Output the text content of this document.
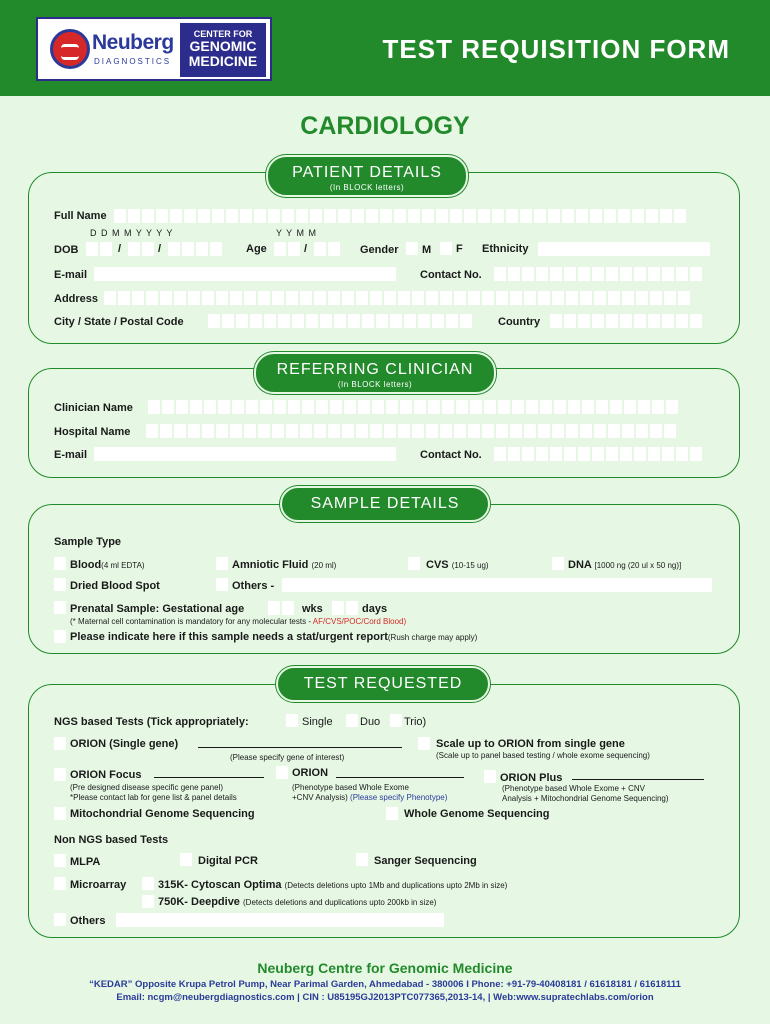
Neuberg
DIAGNOSTICS
CENTER FOR
GENOMIC
MEDICINE	TEST REQUISITION FORM
CARDIOLOGY
PATIENT DETAILS
(In BLOCK letters)
Full Name
D D M M Y Y Y Y	Y Y M M
DOB	/	/	Age	/	Gender M F Ethnicity
E-mail	Contact No.
Address
City / State / Postal Code	Country
REFERRING CLINICIAN
(In BLOCK letters)
Clinician Name
Hospital Name
E-mail	Contact No.
SAMPLE DETAILS
Sample Type
Blood(4 ml EDTA)	Amniotic Fluid (20 ml)	CVS (10-15 ug)	DNA [1000 ng (20 ul x 50 ng)]
Dried Blood Spot	Others -
Prenatal Sample: Gestational age	wks	days
(* Maternal cell contamination is mandatory for any molecular tests - AF/CVS/POC/Cord Blood)
Please indicate here if this sample needs a stat/urgent report(Rush charge may apply)
TEST REQUESTED
NGS based Tests (Tick appropriately:	Single Duo Trio)
ORION (Single gene)
(Please specify gene of interest)
Scale up to ORION from single gene
(Scale up to panel based testing / whole exome sequencing)
ORION Focus
(Pre designed disease specific gene panel)
*Please contact lab for gene list & panel details
ORION
(Phenotype based Whole Exome
+CNV Analysis) (Please specify Phenotype)
ORION Plus
(Phenotype based Whole Exome + CNV
Analysis + Mitochondrial Genome Sequencing)
Mitochondrial Genome Sequencing	Whole Genome Sequencing
Non NGS based Tests
MLPA	Digital PCR	Sanger Sequencing
Microarray	315K- Cytoscan Optima (Detects deletions upto 1Mb and duplications upto 2Mb in size)
750K- Deepdive (Detects deletions and duplications upto 200kb in size)
Others
Neuberg Centre for Genomic Medicine
“KEDAR” Opposite Krupa Petrol Pump, Near Parimal Garden, Ahmedabad - 380006 I Phone: +91-79-40408181 / 61618181 / 61618111
Email: ncgm@neubergdiagnostics.com | CIN : U85195GJ2013PTC077365,2013-14, | Web:www.supratechlabs.com/orion
